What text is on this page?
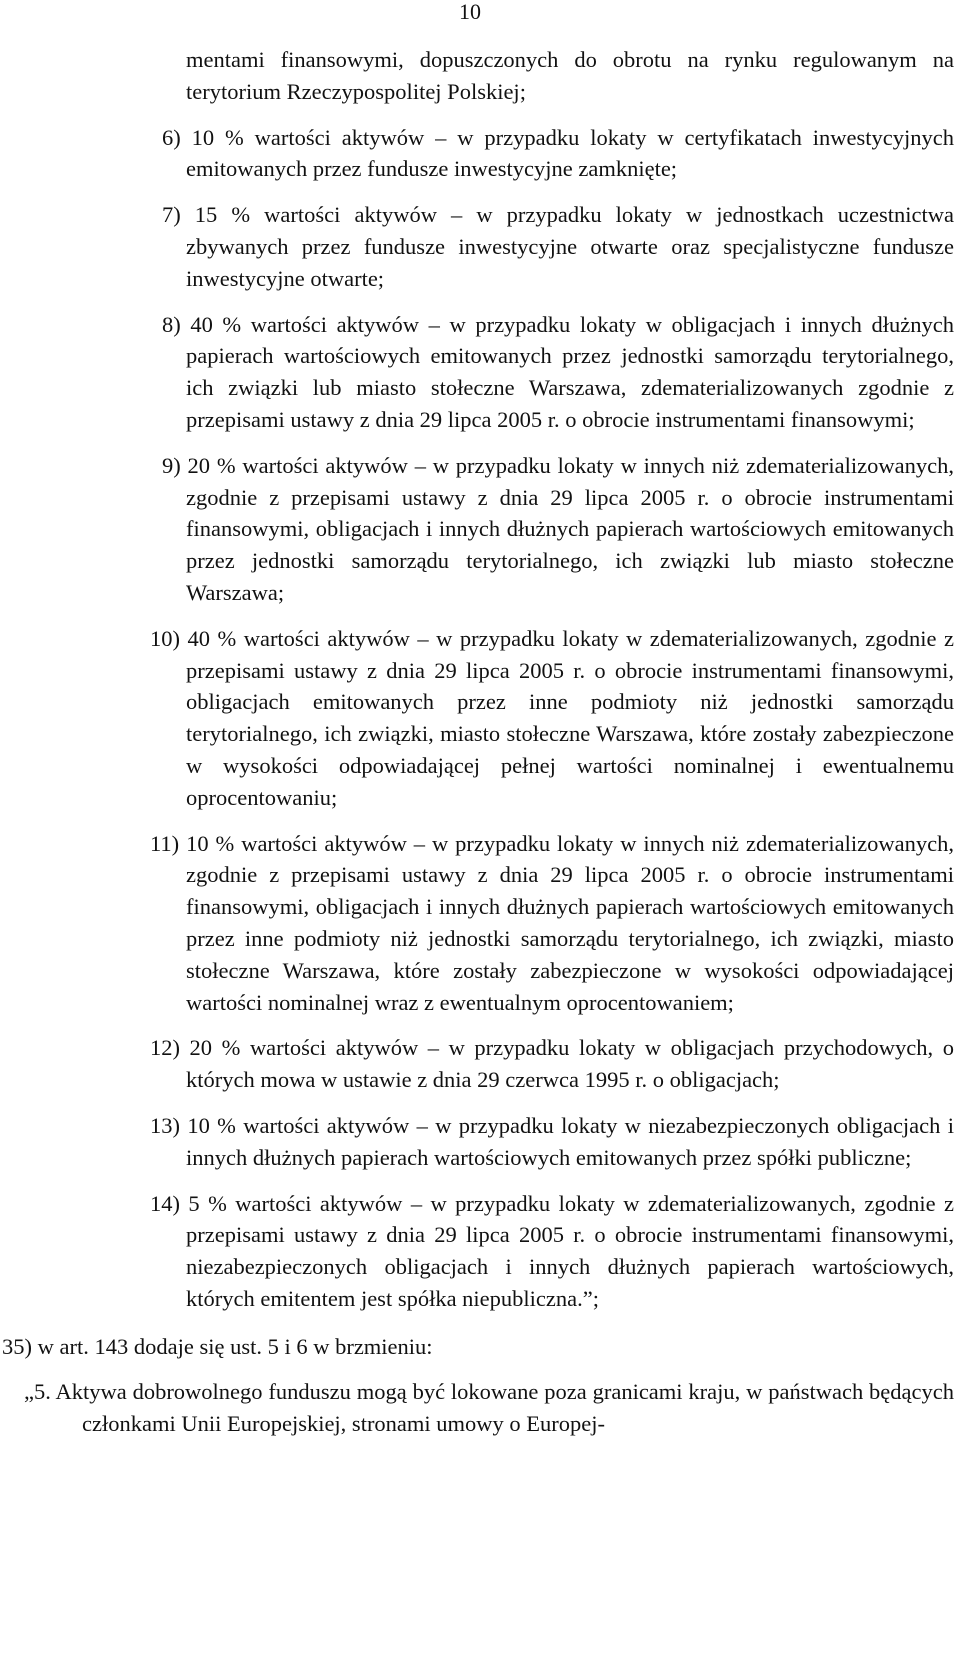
10

mentami finansowymi, dopuszczonych do obrotu na rynku regulowanym na terytorium Rzeczypospolitej Polskiej;

6) 10 % wartości aktywów – w przypadku lokaty w certyfikatach inwestycyjnych emitowanych przez fundusze inwestycyjne zamknięte;

7) 15 % wartości aktywów – w przypadku lokaty w jednostkach uczestnictwa zbywanych przez fundusze inwestycyjne otwarte oraz specjalistyczne fundusze inwestycyjne otwarte;

8) 40 % wartości aktywów – w przypadku lokaty w obligacjach i innych dłużnych papierach wartościowych emitowanych przez jednostki samorządu terytorialnego, ich związki lub miasto stołeczne Warszawa, zdematerializowanych zgodnie z przepisami ustawy z dnia 29 lipca 2005 r. o obrocie instrumentami finansowymi;

9) 20 % wartości aktywów – w przypadku lokaty w innych niż zdematerializowanych, zgodnie z przepisami ustawy z dnia 29 lipca 2005 r. o obrocie instrumentami finansowymi, obligacjach i innych dłużnych papierach wartościowych emitowanych przez jednostki samorządu terytorialnego, ich związki lub miasto stołeczne Warszawa;

10) 40 % wartości aktywów – w przypadku lokaty w zdematerializowanych, zgodnie z przepisami ustawy z dnia 29 lipca 2005 r. o obrocie instrumentami finansowymi, obligacjach emitowanych przez inne podmioty niż jednostki samorządu terytorialnego, ich związki, miasto stołeczne Warszawa, które zostały zabezpieczone w wysokości odpowiadającej pełnej wartości nominalnej i ewentualnemu oprocentowaniu;

11) 10 % wartości aktywów – w przypadku lokaty w innych niż zdematerializowanych, zgodnie z przepisami ustawy z dnia 29 lipca 2005 r. o obrocie instrumentami finansowymi, obligacjach i innych dłużnych papierach wartościowych emitowanych przez inne podmioty niż jednostki samorządu terytorialnego, ich związki, miasto stołeczne Warszawa, które zostały zabezpieczone w wysokości odpowiadającej wartości nominalnej wraz z ewentualnym oprocentowaniem;

12) 20 % wartości aktywów – w przypadku lokaty w obligacjach przychodowych, o których mowa w ustawie z dnia 29 czerwca 1995 r. o obligacjach;

13) 10 % wartości aktywów – w przypadku lokaty w niezabezpieczonych obligacjach i innych dłużnych papierach wartościowych emitowanych przez spółki publiczne;

14) 5 % wartości aktywów – w przypadku lokaty w zdematerializowanych, zgodnie z przepisami ustawy z dnia 29 lipca 2005 r. o obrocie instrumentami finansowymi, niezabezpieczonych obligacjach i innych dłużnych papierach wartościowych, których emitentem jest spółka niepubliczna.”;

35) w art. 143 dodaje się ust. 5 i 6 w brzmieniu:

„5. Aktywa dobrowolnego funduszu mogą być lokowane poza granicami kraju, w państwach będących członkami Unii Europejskiej, stronami umowy o Europej-
